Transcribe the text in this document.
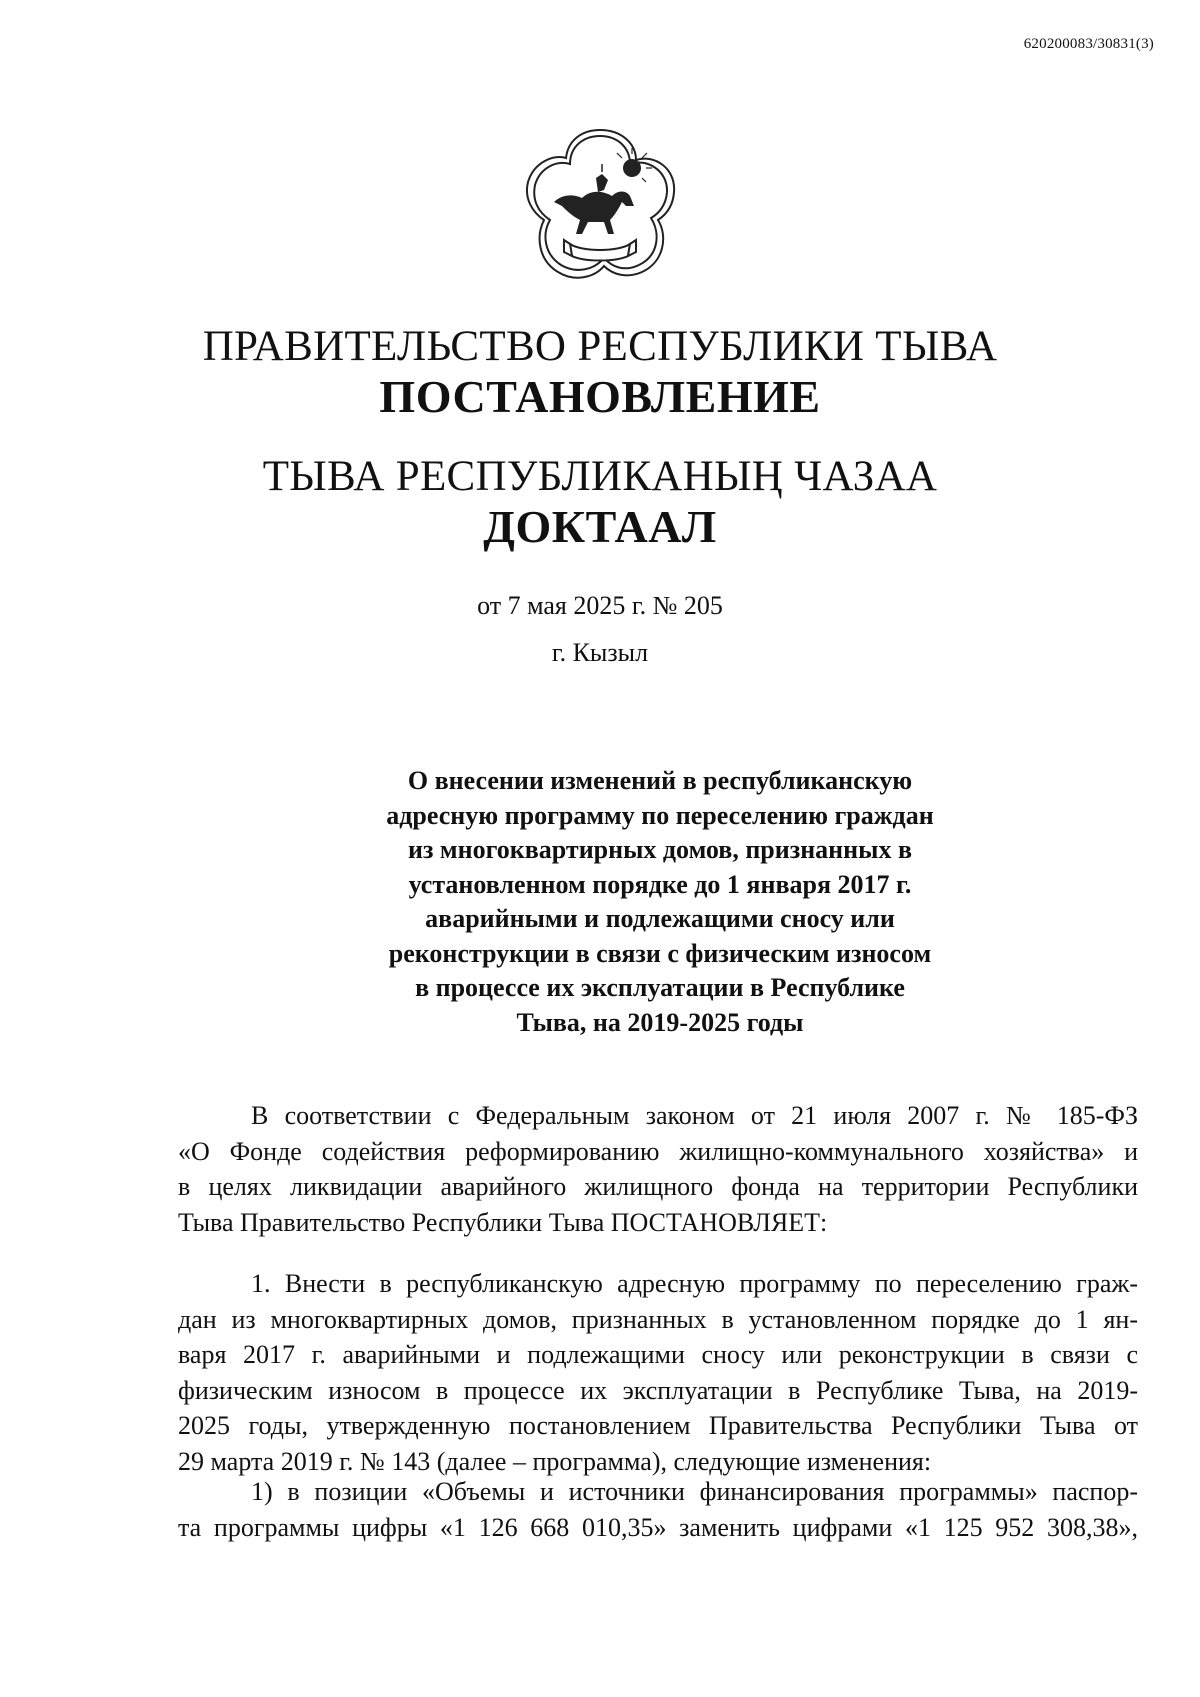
620200083/30831(3)
ПРАВИТЕЛЬСТВО РЕСПУБЛИКИ ТЫВА
ПОСТАНОВЛЕНИЕ
ТЫВА РЕСПУБЛИКАНЫҢ ЧАЗАА
ДОКТААЛ
от 7 мая 2025 г. № 205
г. Кызыл
О внесении изменений в республиканскую
адресную программу по переселению граждан
из многоквартирных домов, признанных в
установленном порядке до 1 января 2017 г.
аварийными и подлежащими сносу или
реконструкции в связи с физическим износом
в процессе их эксплуатации в Республике
Тыва, на 2019-2025 годы
В соответствии с Федеральным законом от 21 июля 2007 г. № 185-ФЗ
«О Фонде содействия реформированию жилищно-коммунального хозяйства» и
в целях ликвидации аварийного жилищного фонда на территории Республики
Тыва Правительство Республики Тыва ПОСТАНОВЛЯЕТ:
1. Внести в республиканскую адресную программу по переселению граж-
дан из многоквартирных домов, признанных в установленном порядке до 1 ян-
варя 2017 г. аварийными и подлежащими сносу или реконструкции в связи с
физическим износом в процессе их эксплуатации в Республике Тыва, на 2019-
2025 годы, утвержденную постановлением Правительства Республики Тыва от
29 марта 2019 г. № 143 (далее – программа), следующие изменения:
1) в позиции «Объемы и источники финансирования программы» паспор-
та программы цифры «1 126 668 010,35» заменить цифрами «1 125 952 308,38»,
